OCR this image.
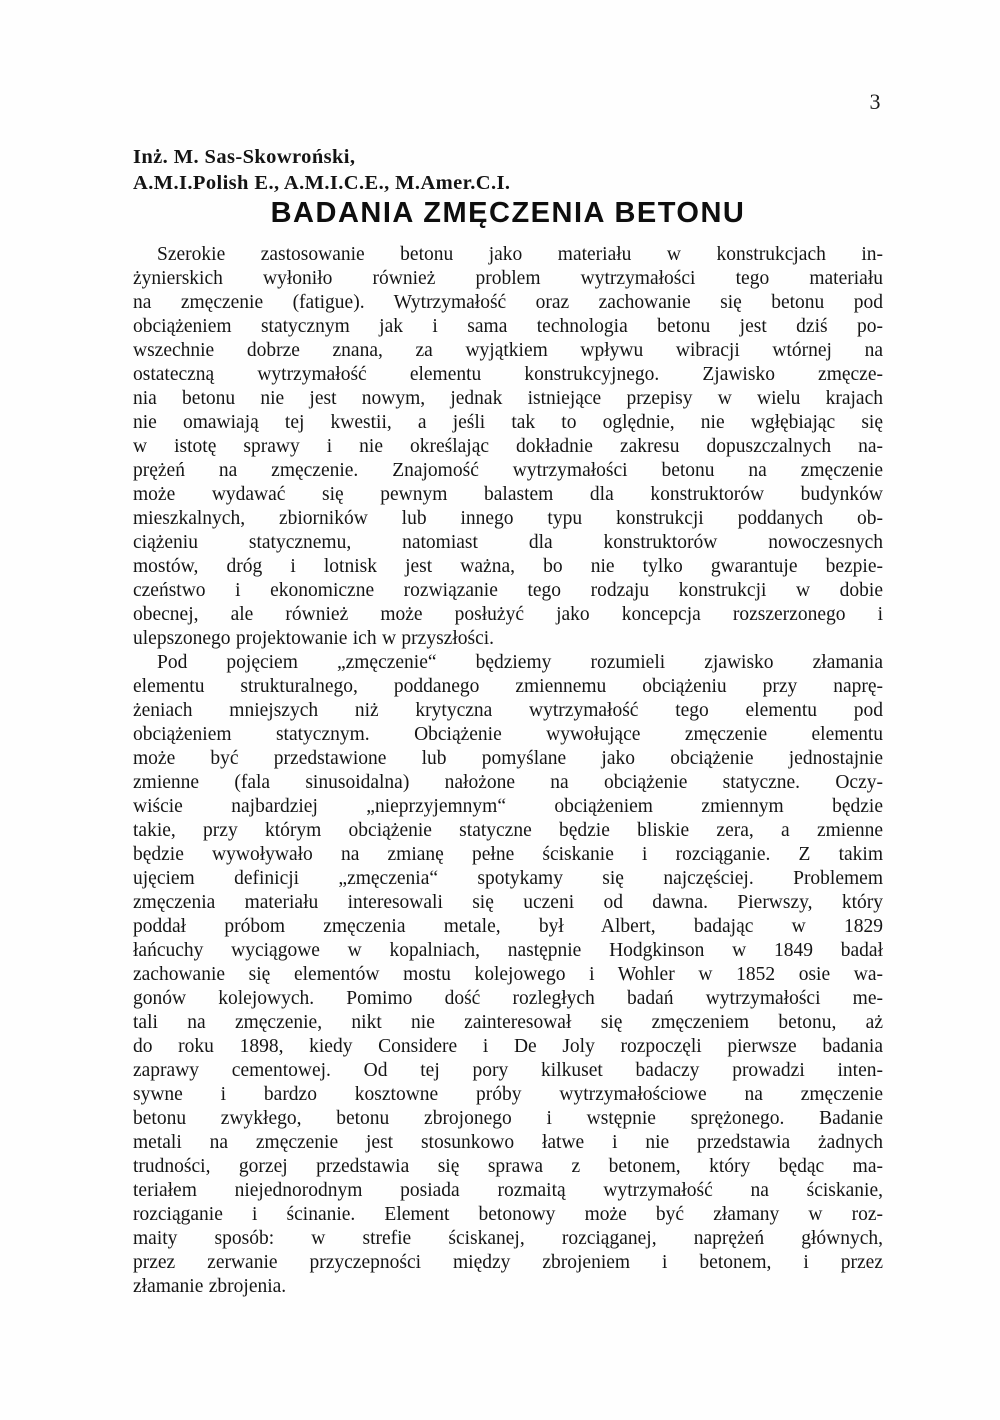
3
Inż. M. Sas-Skowroński,
A.M.I.Polish E., A.M.I.C.E., M.Amer.C.I.
BADANIA ZMĘCZENIA BETONU
Szerokie zastosowanie betonu jako materiału w konstrukcjach in-
żynierskich wyłoniło również problem wytrzymałości tego materiału
na zmęczenie (fatigue). Wytrzymałość oraz zachowanie się betonu pod
obciążeniem statycznym jak i sama technologia betonu jest dziś po-
wszechnie dobrze znana, za wyjątkiem wpływu wibracji wtórnej na
ostateczną wytrzymałość elementu konstrukcyjnego. Zjawisko zmęcze-
nia betonu nie jest nowym, jednak istniejące przepisy w wielu krajach
nie omawiają tej kwestii, a jeśli tak to oględnie, nie wgłębiając się
w istotę sprawy i nie określając dokładnie zakresu dopuszczalnych na-
prężeń na zmęczenie. Znajomość wytrzymałości betonu na zmęczenie
może wydawać się pewnym balastem dla konstruktorów budynków
mieszkalnych, zbiorników lub innego typu konstrukcji poddanych ob-
ciążeniu statycznemu, natomiast dla konstruktorów nowoczesnych
mostów, dróg i lotnisk jest ważna, bo nie tylko gwarantuje bezpie-
czeństwo i ekonomiczne rozwiązanie tego rodzaju konstrukcji w dobie
obecnej, ale również może posłużyć jako koncepcja rozszerzonego i
ulepszonego projektowanie ich w przyszłości.
Pod pojęciem „zmęczenie“ będziemy rozumieli zjawisko złamania
elementu strukturalnego, poddanego zmiennemu obciążeniu przy naprę-
żeniach mniejszych niż krytyczna wytrzymałość tego elementu pod
obciążeniem statycznym. Obciążenie wywołujące zmęczenie elementu
może być przedstawione lub pomyślane jako obciążenie jednostajnie
zmienne (fala sinusoidalna) nałożone na obciążenie statyczne. Oczy-
wiście najbardziej „nieprzyjemnym“ obciążeniem zmiennym będzie
takie, przy którym obciążenie statyczne będzie bliskie zera, a zmienne
będzie wywoływało na zmianę pełne ściskanie i rozciąganie. Z takim
ujęciem definicji „zmęczenia“ spotykamy się najczęściej. Problemem
zmęczenia materiału interesowali się uczeni od dawna. Pierwszy, który
poddał próbom zmęczenia metale, był Albert, badając w 1829
łańcuchy wyciągowe w kopalniach, następnie Hodgkinson w 1849 badał
zachowanie się elementów mostu kolejowego i Wohler w 1852 osie wa-
gonów kolejowych. Pomimo dość rozległych badań wytrzymałości me-
tali na zmęczenie, nikt nie zainteresował się zmęczeniem betonu, aż
do roku 1898, kiedy Considere i De Joly rozpoczęli pierwsze badania
zaprawy cementowej. Od tej pory kilkuset badaczy prowadzi inten-
sywne i bardzo kosztowne próby wytrzymałościowe na zmęczenie
betonu zwykłego, betonu zbrojonego i wstępnie sprężonego. Badanie
metali na zmęczenie jest stosunkowo łatwe i nie przedstawia żadnych
trudności, gorzej przedstawia się sprawa z betonem, który będąc ma-
teriałem niejednorodnym posiada rozmaitą wytrzymałość na ściskanie,
rozciąganie i ścinanie. Element betonowy może być złamany w roz-
maity sposób: w strefie ściskanej, rozciąganej, naprężeń głównych,
przez zerwanie przyczepności między zbrojeniem i betonem, i przez
złamanie zbrojenia.
